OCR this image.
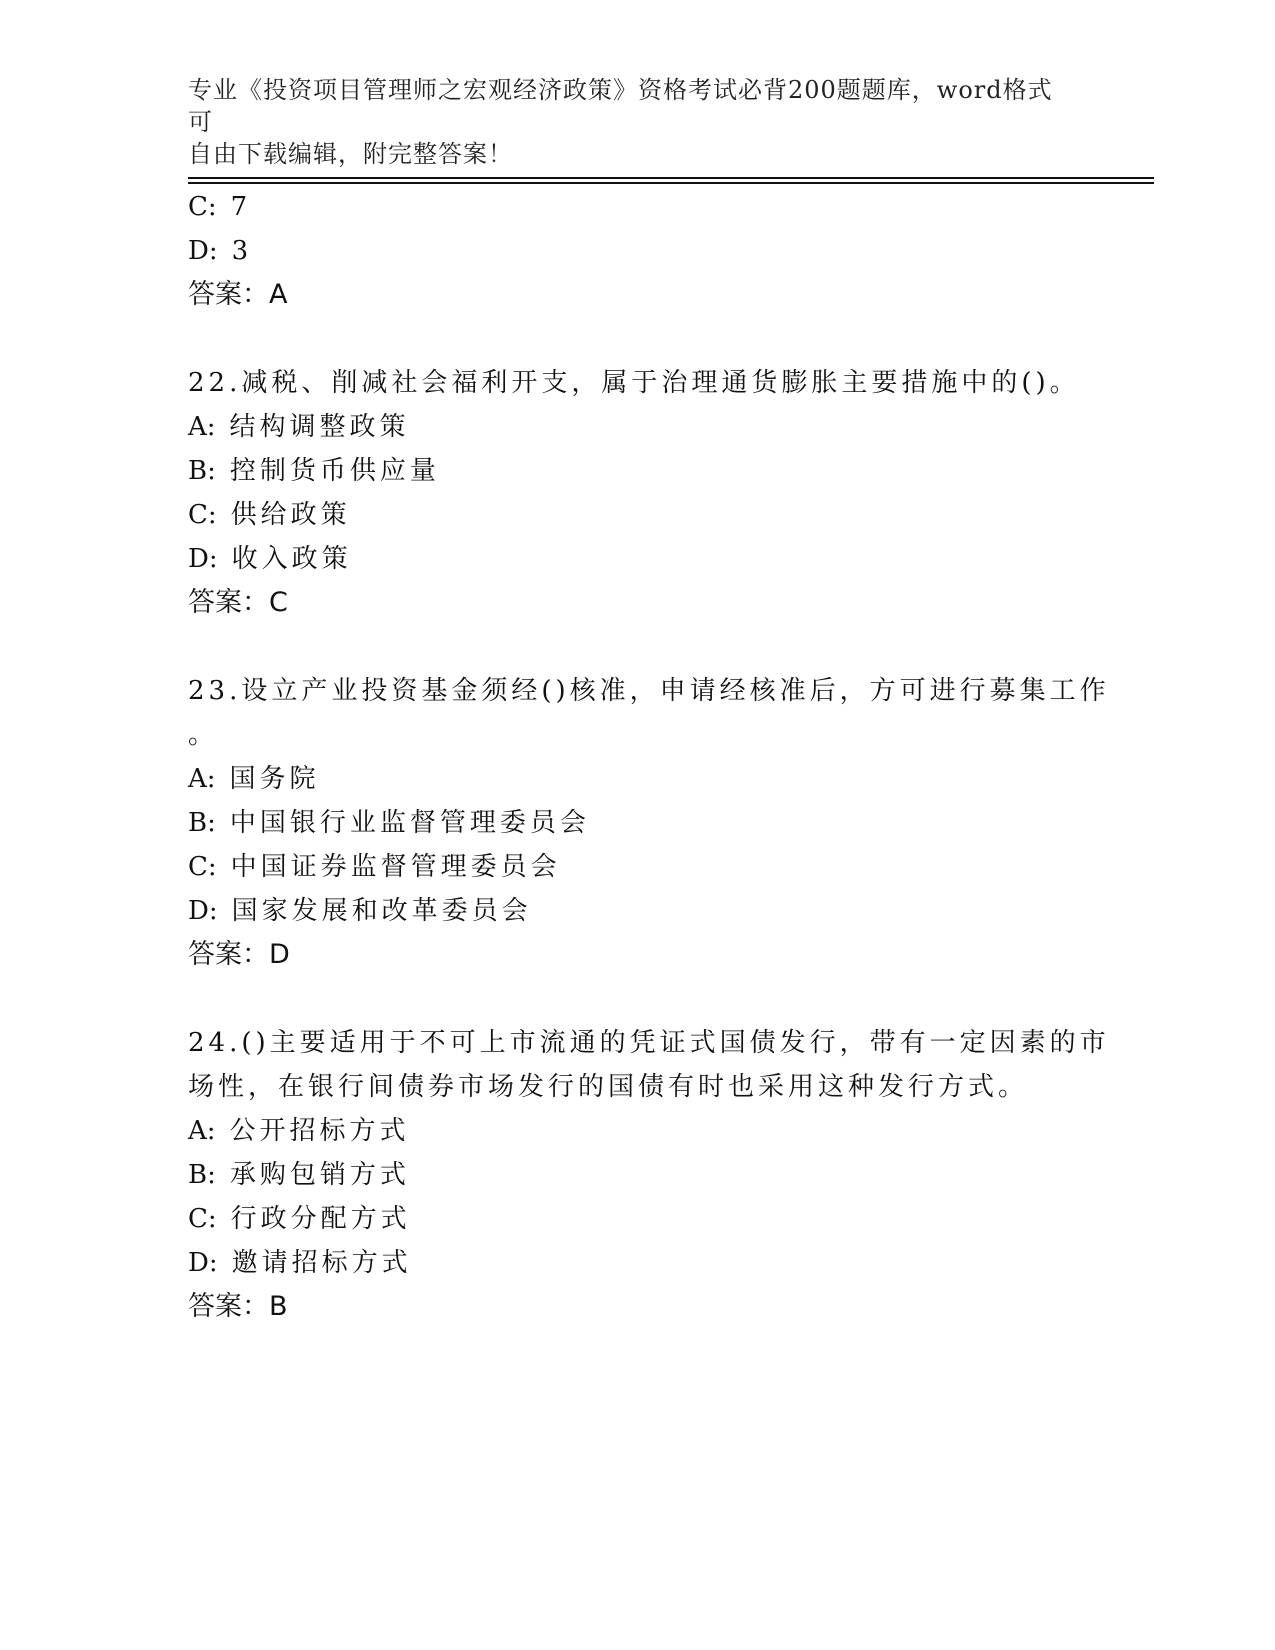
专业《投资项目管理师之宏观经济政策》资格考试必背200题题库，word格式可
自由下载编辑，附完整答案！
C: 7
D: 3
答案：A
22.减税、削减社会福利开支，属于治理通货膨胀主要措施中的()。
A: 结构调整政策
B: 控制货币供应量
C: 供给政策
D: 收入政策
答案：C
23.设立产业投资基金须经()核准，申请经核准后，方可进行募集工作
。
A: 国务院
B: 中国银行业监督管理委员会
C: 中国证券监督管理委员会
D: 国家发展和改革委员会
答案：D
24.()主要适用于不可上市流通的凭证式国债发行，带有一定因素的市
场性，在银行间债券市场发行的国债有时也采用这种发行方式。
A: 公开招标方式
B: 承购包销方式
C: 行政分配方式
D: 邀请招标方式
答案：B
